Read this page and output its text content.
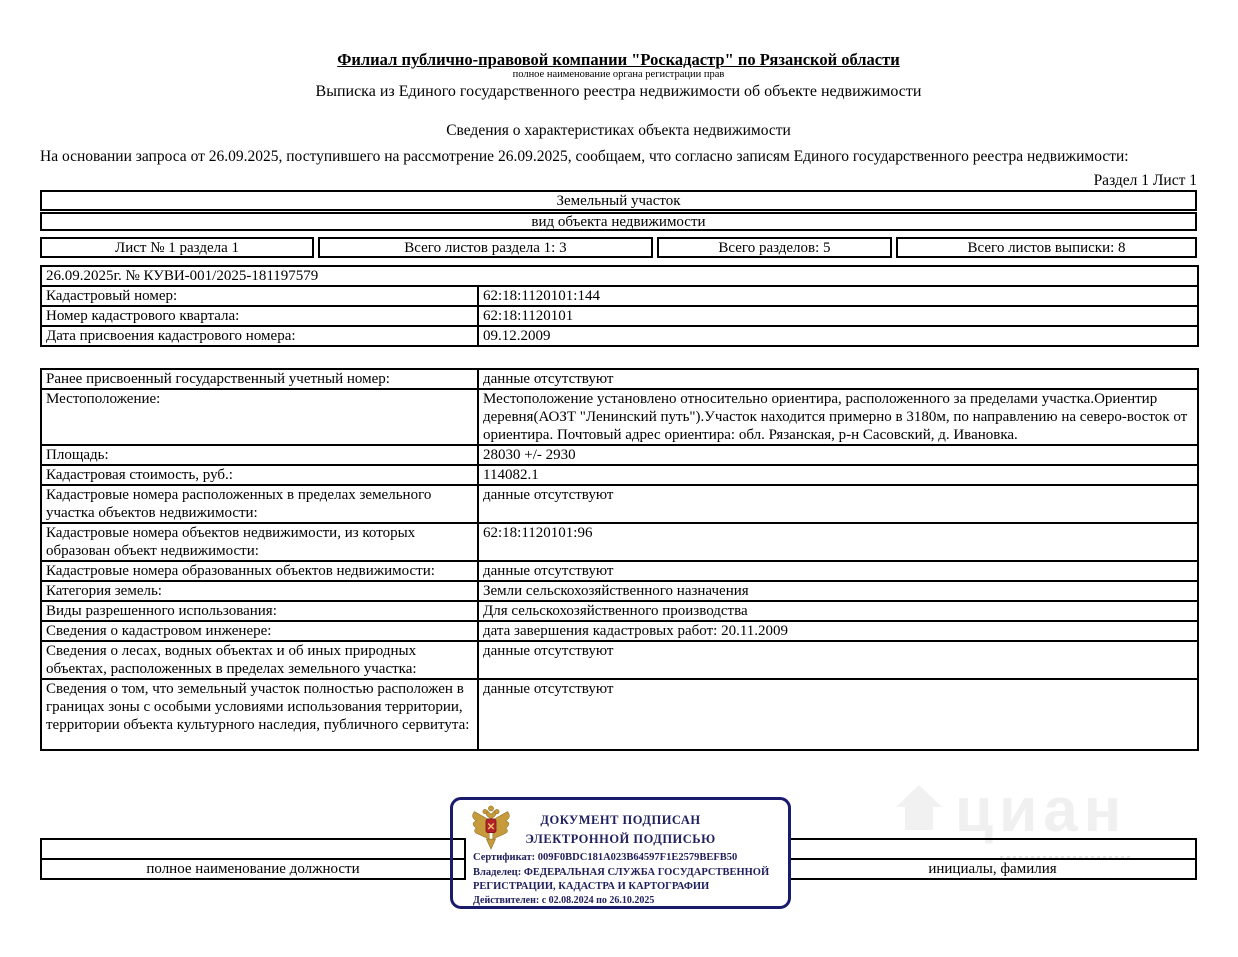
циан
Филиал публично-правовой компании "Роскадастр" по Рязанской области
полное наименование органа регистрации прав
Выписка из Единого государственного реестра недвижимости об объекте недвижимости
Сведения о характеристиках объекта недвижимости
На основании запроса от 26.09.2025, поступившего на рассмотрение 26.09.2025, сообщаем, что согласно записям Единого государственного реестра недвижимости:
Раздел 1 Лист 1
Земельный участок
вид объекта недвижимости
Лист № 1 раздела 1	Всего листов раздела 1: 3	Всего разделов: 5	Всего листов выписки: 8
26.09.2025г. № КУВИ-001/2025-181197579	
Кадастровый номер:	62:18:1120101:144
Номер кадастрового квартала:	62:18:1120101
Дата присвоения кадастрового номера:	09.12.2009
Ранее присвоенный государственный учетный номер:	данные отсутствуют
Местоположение:	Местоположение установлено относительно ориентира, расположенного за пределами участка.Ориентир деревня(АОЗТ "Ленинский путь").Участок находится примерно в 3180м, по направлению на северо-восток от ориентира. Почтовый адрес ориентира: обл. Рязанская, р-н Сасовский, д. Ивановка.
Площадь:	28030 +/- 2930
Кадастровая стоимость, руб.:	114082.1
Кадастровые номера расположенных в пределах земельного участка объектов недвижимости:	данные отсутствуют
Кадастровые номера объектов недвижимости, из которых образован объект недвижимости:	62:18:1120101:96
Кадастровые номера образованных объектов недвижимости:	данные отсутствуют
Категория земель:	Земли сельскохозяйственного назначения
Виды разрешенного использования:	Для сельскохозяйственного производства
Сведения о кадастровом инженере:	дата завершения кадастровых работ: 20.11.2009
Сведения о лесах, водных объектах и об иных природных объектах, расположенных в пределах земельного участка:	данные отсутствуют
Сведения о том, что земельный участок полностью расположен в границах зоны с особыми условиями использования территории, территории объекта культурного наследия, публичного сервитута:	данные отсутствуют
полное наименование должности	инициалы, фамилия
ДОКУМЕНТ ПОДПИСАН
ЭЛЕКТРОННОЙ ПОДПИСЬЮ
Сертификат: 009F0BDC181A023B64597F1E2579BEFB50
Владелец: ФЕДЕРАЛЬНАЯ СЛУЖБА ГОСУДАРСТВЕННОЙ
РЕГИСТРАЦИИ, КАДАСТРА И КАРТОГРАФИИ
Действителен: с 02.08.2024 по 26.10.2025
